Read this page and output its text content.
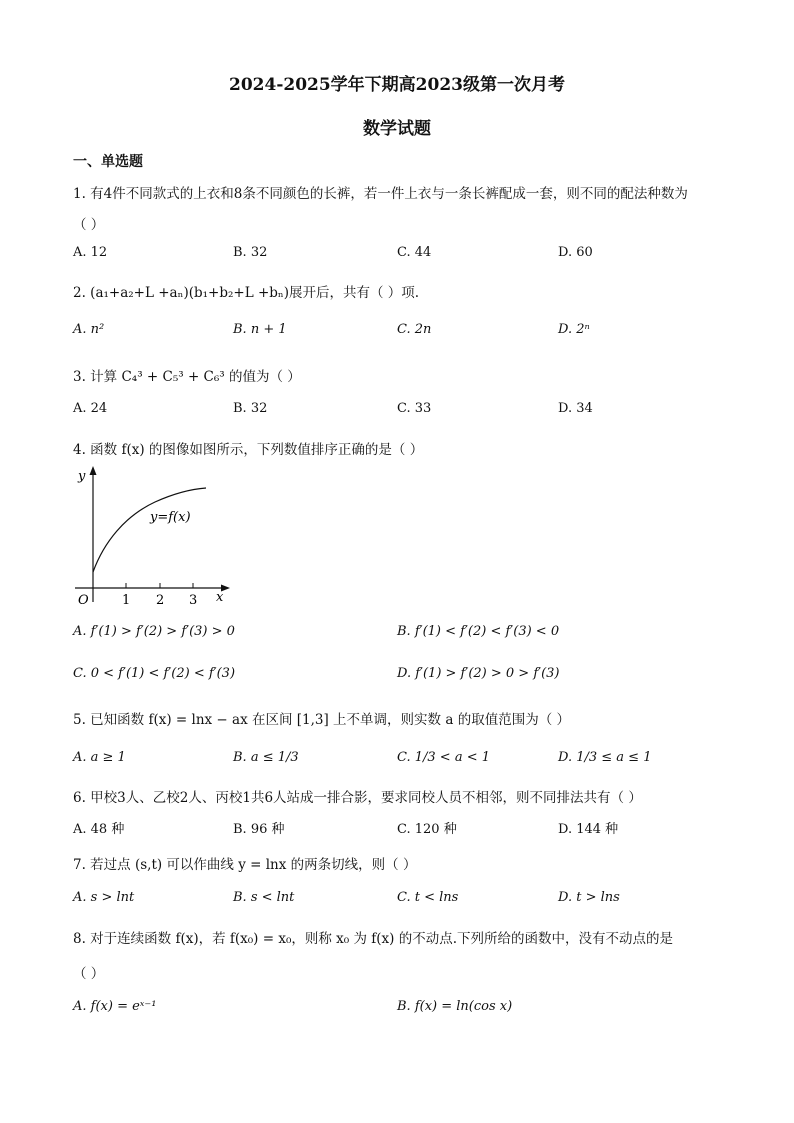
2024-2025学年下期高2023级第一次月考
数学试题
一、单选题
1. 有4件不同款式的上衣和8条不同颜色的长裤，若一件上衣与一条长裤配成一套，则不同的配法种数为
（ ）
A. 12	B. 32	C. 44	D. 60
2. (a₁+a₂+L +aₙ)(b₁+b₂+L +bₙ)展开后，共有（ ）项.
A. n²	B. n + 1	C. 2n	D. 2ⁿ
3. 计算 C₄³ + C₅³ + C₆³ 的值为（ ）
A. 24	B. 32	C. 33	D. 34
4. 函数 f(x) 的图像如图所示，下列数值排序正确的是（ ）
y
x
O
y=f(x)
1 2 3
A. f′(1) > f′(2) > f′(3) > 0	B. f′(1) < f′(2) < f′(3) < 0
C. 0 < f′(1) < f′(2) < f′(3)	D. f′(1) > f′(2) > 0 > f′(3)
5. 已知函数 f(x) = lnx − ax 在区间 [1,3] 上不单调，则实数 a 的取值范围为（ ）
A. a ≥ 1	B. a ≤ 1/3	C. 1/3 < a < 1	D. 1/3 ≤ a ≤ 1
6. 甲校3人、乙校2人、丙校1共6人站成一排合影，要求同校人员不相邻，则不同排法共有（ ）
A. 48 种	B. 96 种	C. 120 种	D. 144 种
7. 若过点 (s,t) 可以作曲线 y = lnx 的两条切线，则（ ）
A. s > lnt	B. s < lnt	C. t < lns	D. t > lns
8. 对于连续函数 f(x)，若 f(x₀) = x₀，则称 x₀ 为 f(x) 的不动点.下列所给的函数中，没有不动点的是
（ ）
A. f(x) = eˣ⁻¹	B. f(x) = ln(cos x)
